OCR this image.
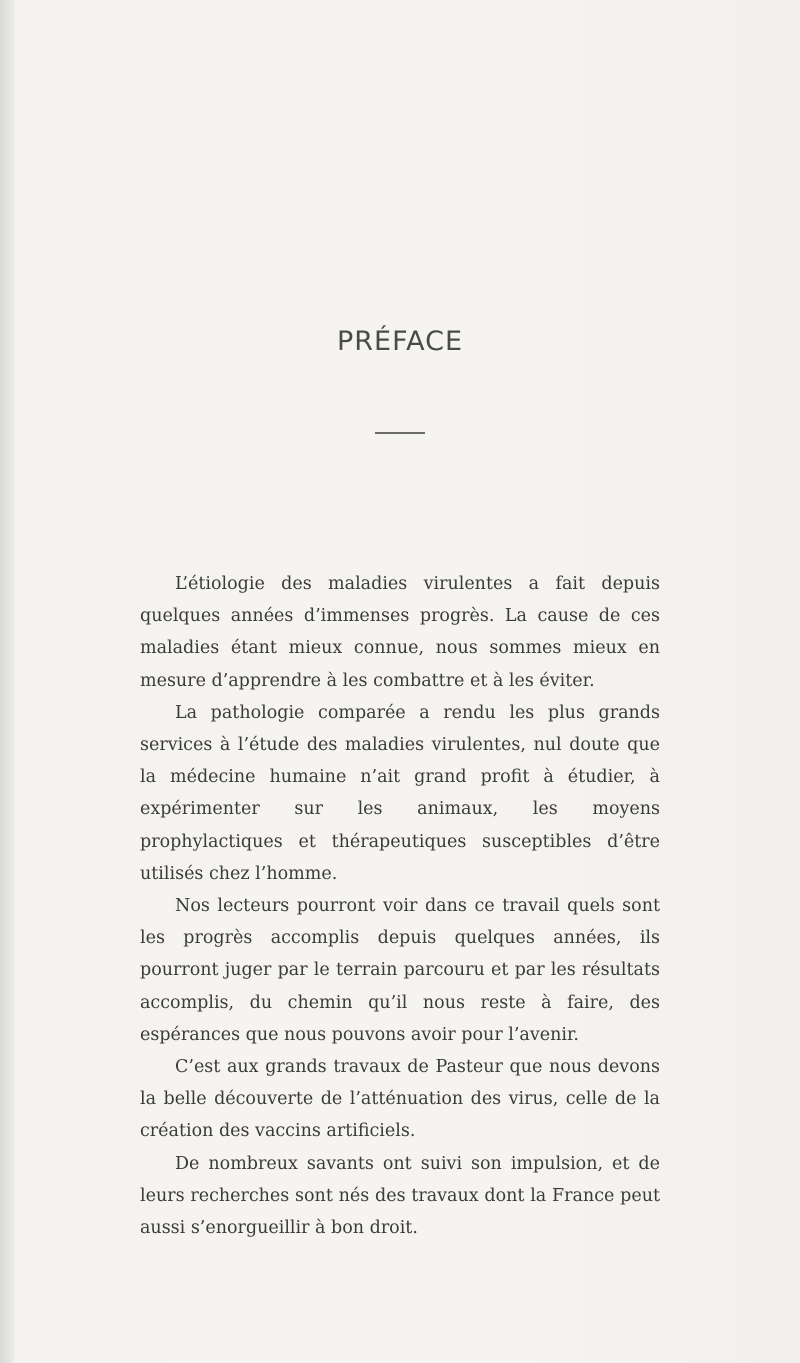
PRÉFACE

L’étiologie des maladies virulentes a fait depuis quelques années d’immenses progrès. La cause de ces maladies étant mieux connue, nous sommes mieux en mesure d’apprendre à les combattre et à les éviter.

La pathologie comparée a rendu les plus grands services à l’étude des maladies virulentes, nul doute que la médecine humaine n’ait grand profit à étudier, à expérimenter sur les animaux, les moyens prophylactiques et thérapeutiques susceptibles d’être utilisés chez l’homme.

Nos lecteurs pourront voir dans ce travail quels sont les progrès accomplis depuis quelques années, ils pourront juger par le terrain parcouru et par les résultats accomplis, du chemin qu’il nous reste à faire, des espérances que nous pouvons avoir pour l’avenir.

C’est aux grands travaux de Pasteur que nous devons la belle découverte de l’atténuation des virus, celle de la création des vaccins artificiels.

De nombreux savants ont suivi son impulsion, et de leurs recherches sont nés des travaux dont la France peut aussi s’enorgueillir à bon droit.
